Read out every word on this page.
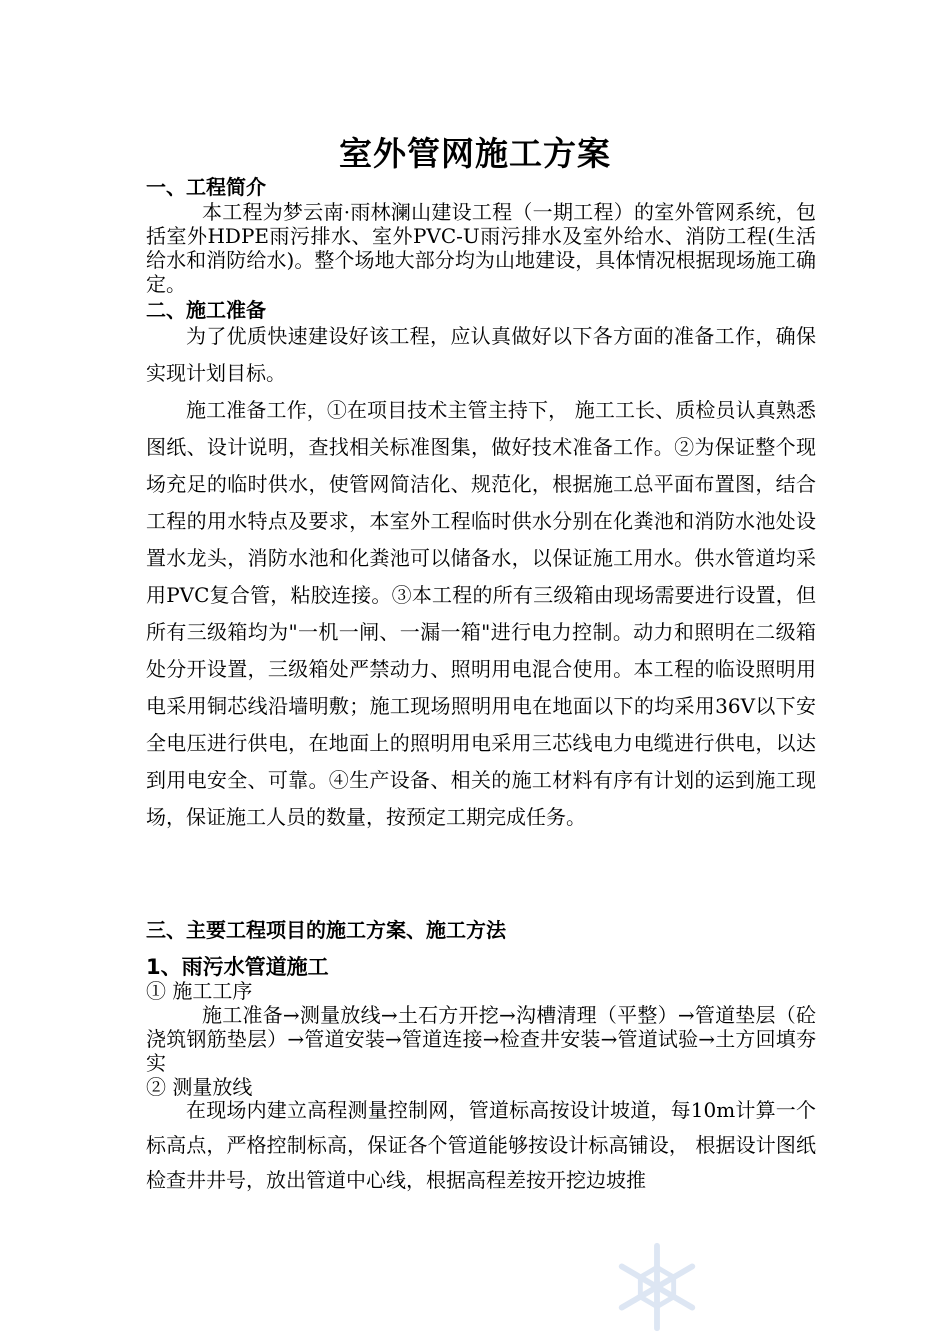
室外管网施工方案
一、工程简介
本工程为梦云南·雨林澜山建设工程（一期工程）的室外管网系统，包括室外HDPE雨污排水、室外PVC-U雨污排水及室外给水、消防工程(生活给水和消防给水)。整个场地大部分均为山地建设，具体情况根据现场施工确定。
二、施工准备
为了优质快速建设好该工程，应认真做好以下各方面的准备工作，确保实现计划目标。
施工准备工作，①在项目技术主管主持下， 施工工长、质检员认真熟悉图纸、设计说明，查找相关标准图集，做好技术准备工作。②为保证整个现场充足的临时供水，使管网简洁化、规范化，根据施工总平面布置图，结合工程的用水特点及要求，本室外工程临时供水分别在化粪池和消防水池处设置水龙头，消防水池和化粪池可以储备水，以保证施工用水。供水管道均采用PVC复合管，粘胶连接。③本工程的所有三级箱由现场需要进行设置，但所有三级箱均为"一机一闸、一漏一箱"进行电力控制。动力和照明在二级箱处分开设置，三级箱处严禁动力、照明用电混合使用。本工程的临设照明用电采用铜芯线沿墙明敷；施工现场照明用电在地面以下的均采用36V以下安全电压进行供电，在地面上的照明用电采用三芯线电力电缆进行供电，以达到用电安全、可靠。④生产设备、相关的施工材料有序有计划的运到施工现场，保证施工人员的数量，按预定工期完成任务。
三、主要工程项目的施工方案、施工方法
1、雨污水管道施工
① 施工工序
施工准备→测量放线→土石方开挖→沟槽清理（平整）→管道垫层（砼浇筑钢筋垫层）→管道安装→管道连接→检查井安装→管道试验→土方回填夯实
② 测量放线
在现场内建立高程测量控制网，管道标高按设计坡道，每10m计算一个标高点，严格控制标高，保证各个管道能够按设计标高铺设， 根据设计图纸检查井井号，放出管道中心线，根据高程差按开挖边坡推
